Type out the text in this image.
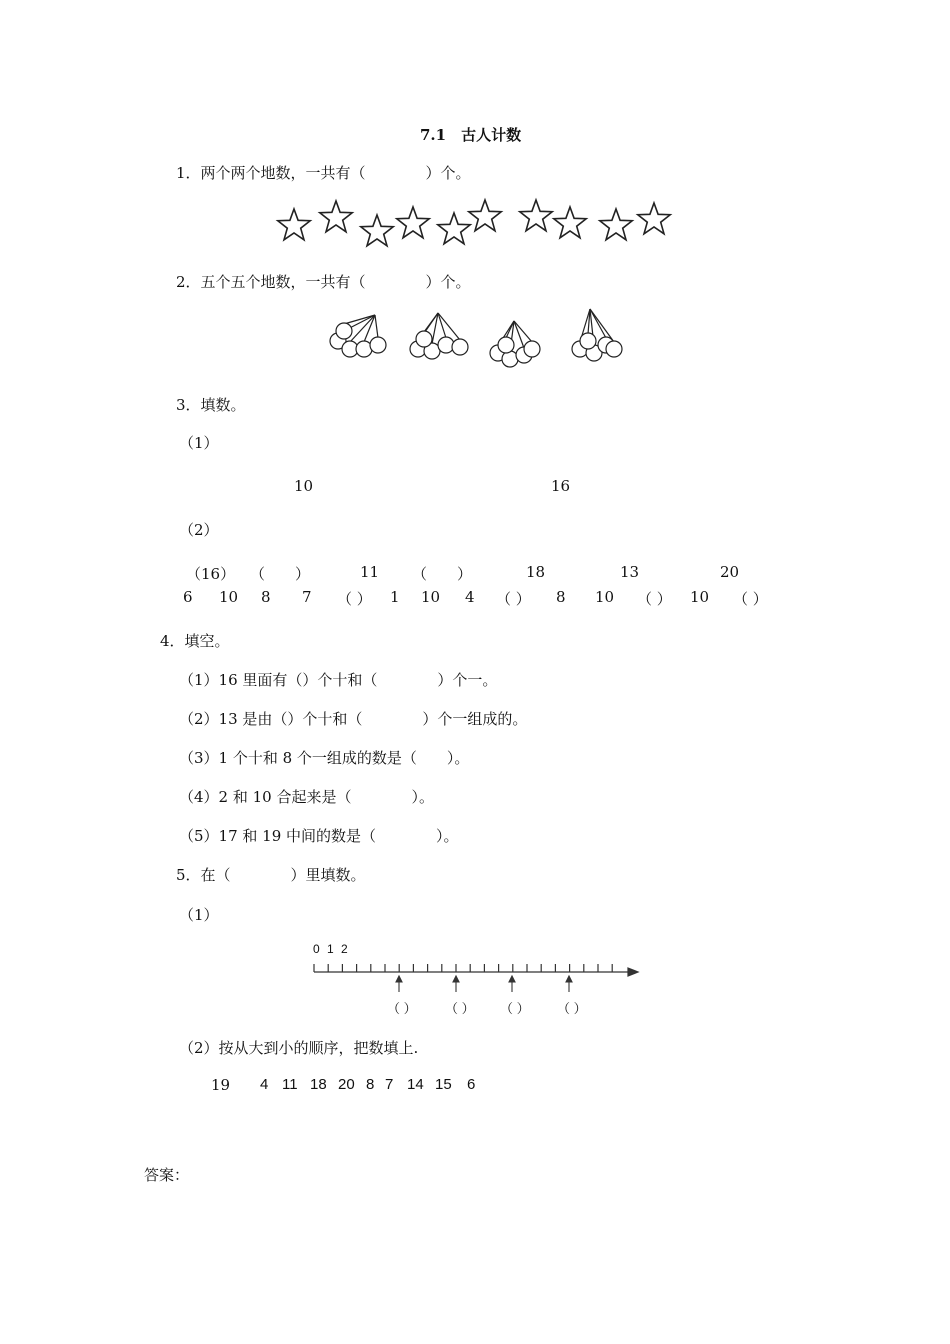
7.1　古人计数
1．两个两个地数，一共有（　　　　）个。
2．五个五个地数，一共有（　　　　）个。
3．填数。
（1）
10	16
（2）
（16） （　　）	11 （　　）	18	13	20
6 10 8 7 （ ） 1 10 4 （ ） 8 10 （ ） 10 （ ）
4．填空。
（1）16 里面有（）个十和（　　　　）个一。
（2）13 是由（）个十和（　　　　）个一组成的。
（3）1 个十和 8 个一组成的数是（　　）。
（4）2 和 10 合起来是（　　　　）。
（5）17 和 19 中间的数是（　　　　）。
5．在（　　　　）里填数。
（1）
0 1 2
（ ） （ ） （ ） （ ）
（2）按从大到小的顺序，把数填上.
19 4 11 18 20 8 7 14 15 6
答案：
